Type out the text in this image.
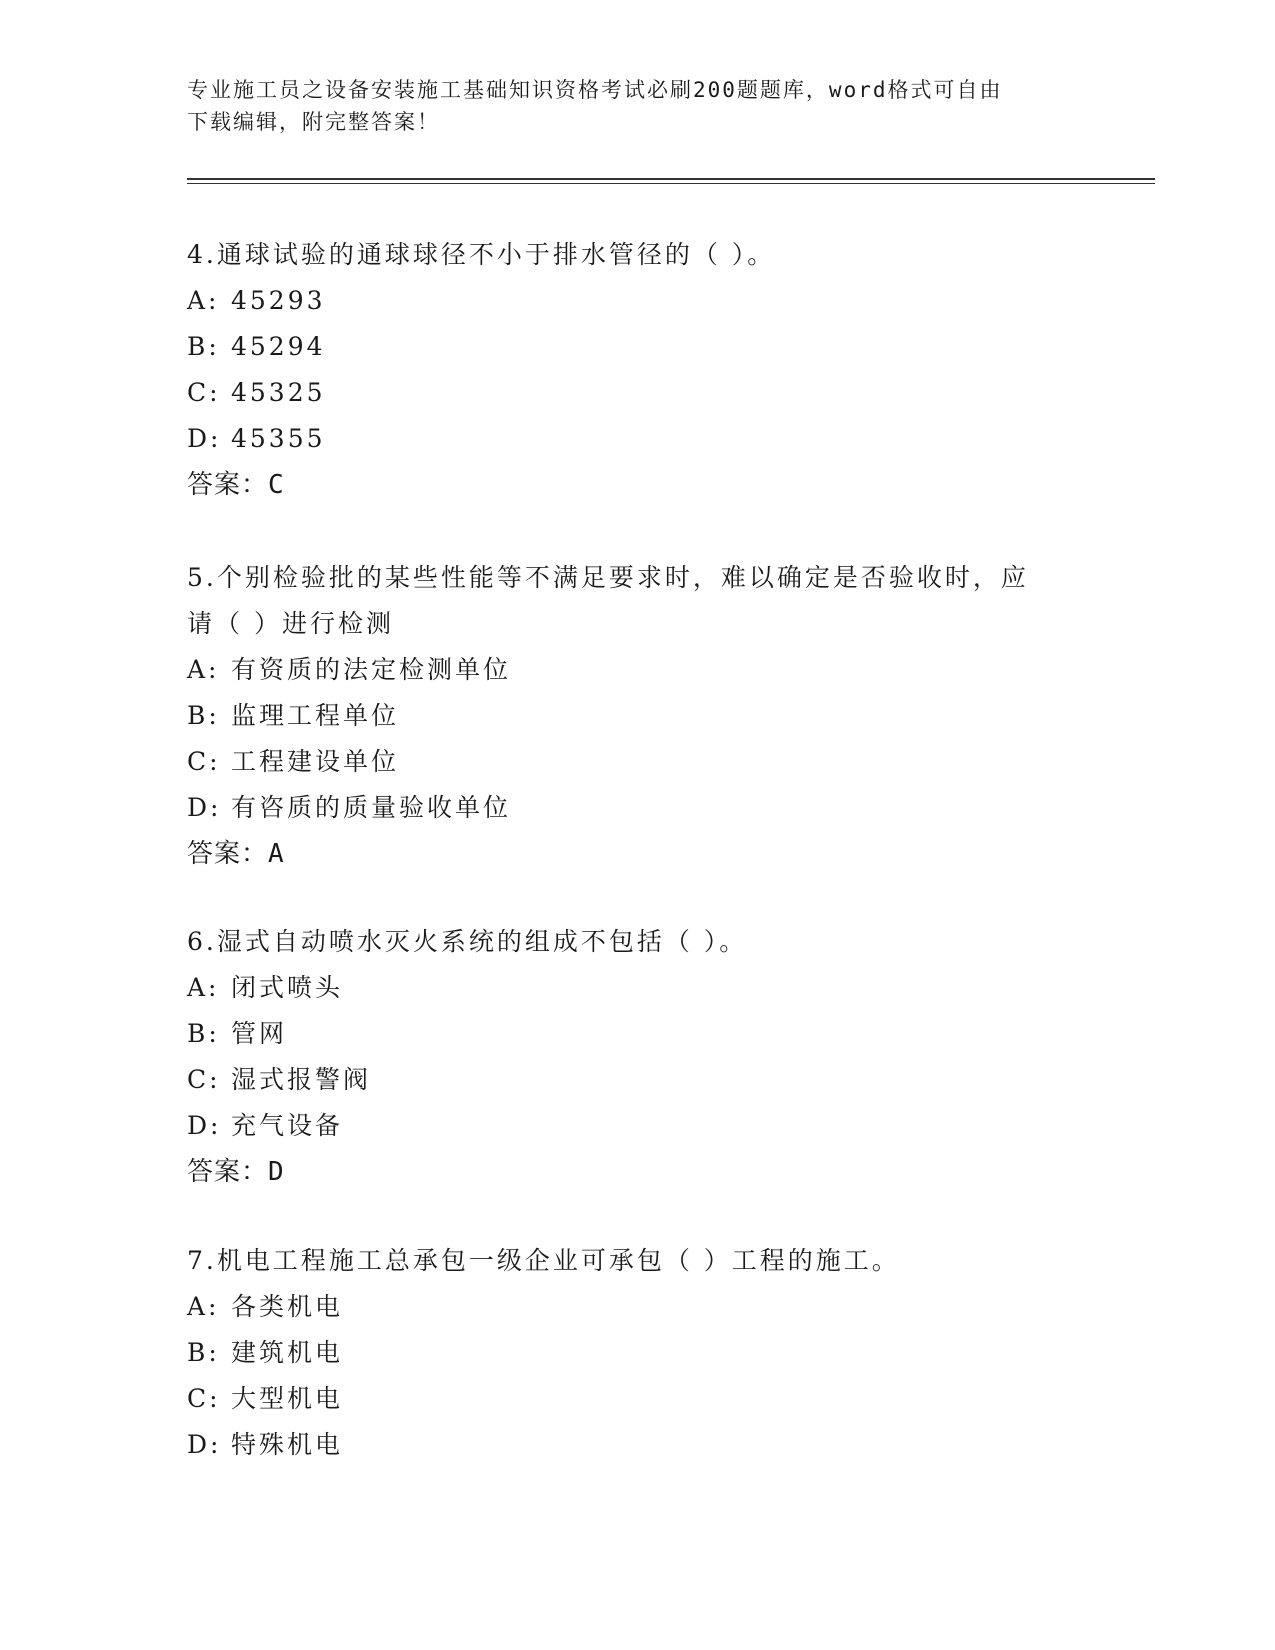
专业施工员之设备安装施工基础知识资格考试必刷200题题库，word格式可自由
下载编辑，附完整答案！

4.通球试验的通球球径不小于排水管径的（ ）。

A: 45293

B: 45294

C: 45325

D: 45355

答案：C

5.个别检验批的某些性能等不满足要求时，难以确定是否验收时，应

请（ ）进行检测

A: 有资质的法定检测单位

B: 监理工程单位

C: 工程建设单位

D: 有咨质的质量验收单位

答案：A

6.湿式自动喷水灭火系统的组成不包括（ ）。

A: 闭式喷头

B: 管网

C: 湿式报警阀

D: 充气设备

答案：D

7.机电工程施工总承包一级企业可承包（ ）工程的施工。

A: 各类机电

B: 建筑机电

C: 大型机电

D: 特殊机电
